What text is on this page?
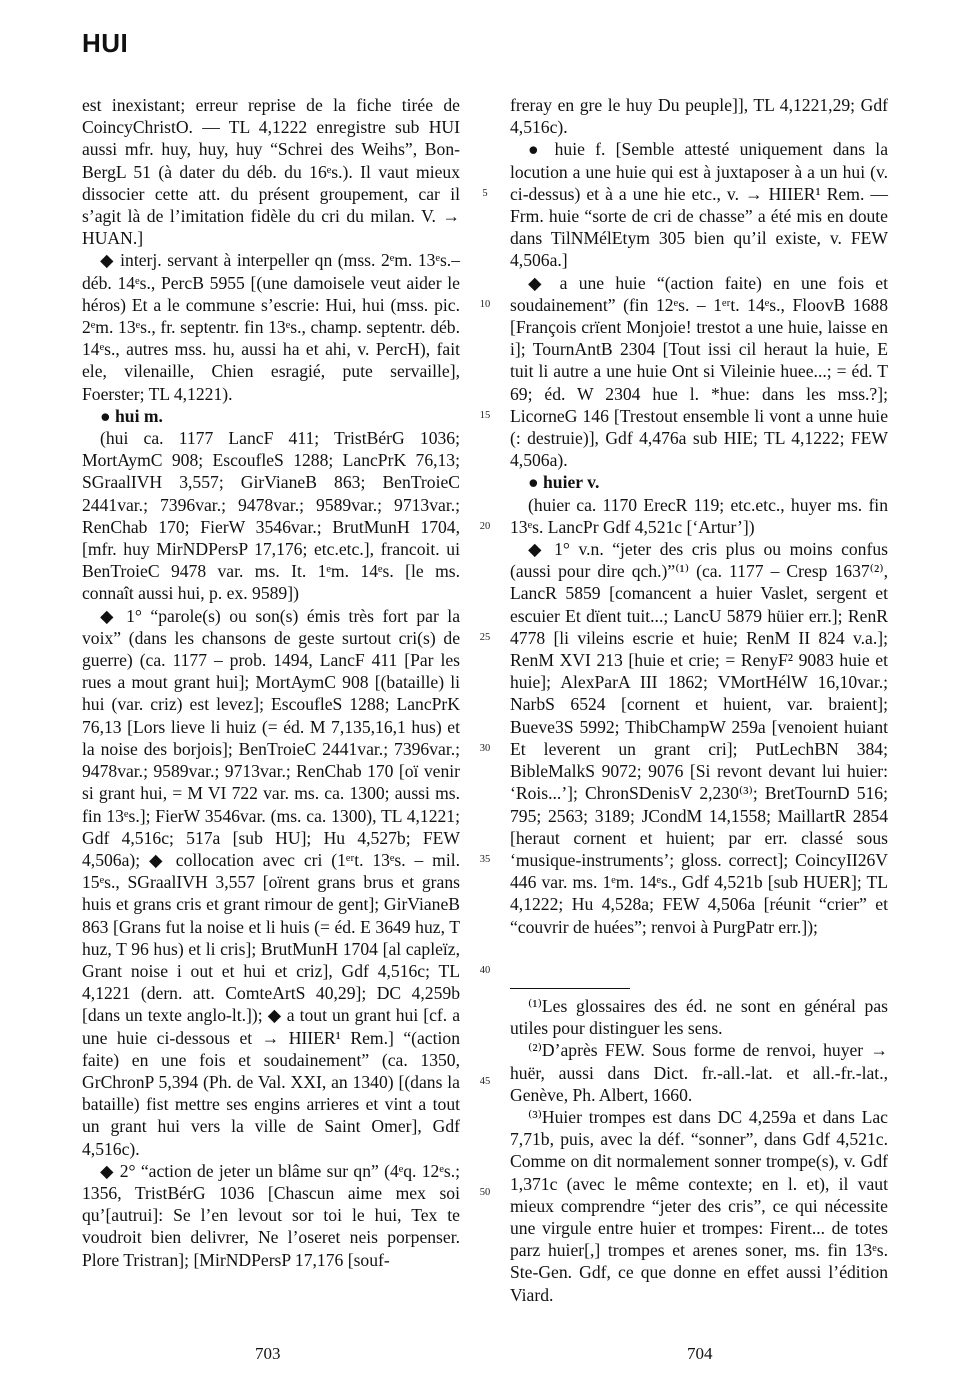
HUI

est inexistant; erreur reprise de la fiche tirée de CoincyChristO. — TL 4,1222 enregistre sub HUI aussi mfr. huy, huy, huy “Schrei des Weihs”, Bon-BergL 51 (à dater du déb. du 16ᵉs.). Il vaut mieux dissocier cette att. du présent groupement, car il s’agit là de l’imitation fidèle du cri du milan. V. → HUAN.]

◆ interj. servant à interpeller qn (mss. 2ᵉm. 13ᵉs.–déb. 14ᵉs., PercB 5955 [(une damoisele veut aider le héros) Et a le commune s’escrie: Hui, hui (mss. pic. 2ᵉm. 13ᵉs., fr. septentr. fin 13ᵉs., champ. septentr. déb. 14ᵉs., autres mss. hu, aussi ha et ahi, v. PercH), fait ele, vilenaille, Chien esragié, pute servaille], Foerster; TL 4,1221).

● hui m.

(hui ca. 1177 LancF 411; TristBérG 1036; MortAymC 908; EscoufleS 1288; LancPrK 76,13; SGraalIVH 3,557; GirVianeB 863; BenTroieC 2441var.; 7396var.; 9478var.; 9589var.; 9713var.; RenChab 170; FierW 3546var.; BrutMunH 1704, [mfr. huy MirNDPersP 17,176; etc.etc.], francoit. ui BenTroieC 9478 var. ms. It. 1ᵉm. 14ᵉs. [le ms. connaît aussi hui, p. ex. 9589])

◆ 1° “parole(s) ou son(s) émis très fort par la voix” (dans les chansons de geste surtout cri(s) de guerre) (ca. 1177 – prob. 1494, LancF 411 [Par les rues a mout grant hui]; MortAymC 908 [(bataille) li hui (var. criz) est levez]; EscoufleS 1288; LancPrK 76,13 [Lors lieve li huiz (= éd. M 7,135,16,1 hus) et la noise des borjois]; BenTroieC 2441var.; 7396var.; 9478var.; 9589var.; 9713var.; RenChab 170 [oï venir si grant hui, = M VI 722 var. ms. ca. 1300; aussi ms. fin 13ᵉs.]; FierW 3546var. (ms. ca. 1300), TL 4,1221; Gdf 4,516c; 517a [sub HU]; Hu 4,527b; FEW 4,506a); ◆ collocation avec cri (1ᵉʳt. 13ᵉs. – mil. 15ᵉs., SGraalIVH 3,557 [oïrent grans brus et grans huis et grans cris et grant rimour de gent]; GirVianeB 863 [Grans fut la noise et li huis (= éd. E 3649 huz, T huz, T 96 hus) et li cris]; BrutMunH 1704 [al capleïz, Grant noise i out et hui et criz], Gdf 4,516c; TL 4,1221 (dern. att. ComteArtS 40,29]; DC 4,259b [dans un texte anglo-lt.]); ◆ a tout un grant hui [cf. a une huie ci-dessous et → HIIER¹ Rem.] “(action faite) en une fois et soudainement” (ca. 1350, GrChronP 5,394 (Ph. de Val. XXI, an 1340) [(dans la bataille) fist mettre ses engins arrieres et vint a tout un grant hui vers la ville de Saint Omer], Gdf 4,516c).

◆ 2° “action de jeter un blâme sur qn” (4ᵉq. 12ᵉs.; 1356, TristBérG 1036 [Chascun aime mex soi qu’[autrui]: Se l’en levout sor toi le hui, Tex te voudroit bien delivrer, Ne l’oseret neis porpenser. Plore Tristran]; [MirNDPersP 17,176 [souf-

5
10
15
20
25
30
35
40
45
50

freray en gre le huy Du peuple]], TL 4,1221,29; Gdf 4,516c).

● huie f. [Semble attesté uniquement dans la locution a une huie qui est à juxtaposer à a un hui (v. ci-dessus) et à a une hie etc., v. → HIIER¹ Rem. — Frm. huie “sorte de cri de chasse” a été mis en doute dans TilNMélEtym 305 bien qu’il existe, v. FEW 4,506a.]

◆ a une huie “(action faite) en une fois et soudainement” (fin 12ᵉs. – 1ᵉʳt. 14ᵉs., FloovB 1688 [François crïent Monjoie! trestot a une huie, laisse en i]; TournAntB 2304 [Tout issi cil heraut la huie, E tuit li autre a une huie Ont si Vileinie huee...; = éd. T 69; éd. W 2304 hue l. *hue: dans les mss.?]; LicorneG 146 [Trestout ensemble li vont a unne huie (: destruie)], Gdf 4,476a sub HIE; TL 4,1222; FEW 4,506a).

● huier v.

(huier ca. 1170 ErecR 119; etc.etc., huyer ms. fin 13ᵉs. LancPr Gdf 4,521c [‘Artur’])

◆ 1° v.n. “jeter des cris plus ou moins confus (aussi pour dire qch.)”⁽¹⁾ (ca. 1177 – Cresp 1637⁽²⁾, LancR 5859 [comancent a huier Vaslet, sergent et escuier Et dïent tuit...; LancU 5879 hüier err.]; RenR 4778 [li vileins escrie et huie; RenM II 824 v.a.]; RenM XVI 213 [huie et crie; = RenyF² 9083 huie et huie]; AlexParA III 1862; VMortHélW 16,10var.; NarbS 6524 [cornent et huient, var. braient]; Bueve3S 5992; ThibChampW 259a [venoient huiant Et leverent un grant cri]; PutLechBN 384; BibleMalkS 9072; 9076 [Si revont devant lui huier: ‘Rois...’]; ChronSDenisV 2,230⁽³⁾; BretTournD 516; 795; 2563; 3189; JCondM 14,1558; MaillartR 2854 [heraut cornent et huient; par err. classé sous ‘musique-instruments’; gloss. correct]; CoincyII26V 446 var. ms. 1ᵉm. 14ᵉs., Gdf 4,521b [sub HUER]; TL 4,1222; Hu 4,528a; FEW 4,506a [réunit “crier” et “couvrir de huées”; renvoi à PurgPatr err.]);

⁽¹⁾Les glossaires des éd. ne sont en général pas utiles pour distinguer les sens.

⁽²⁾D’après FEW. Sous forme de renvoi, huyer → huër, aussi dans Dict. fr.-all.-lat. et all.-fr.-lat., Genève, Ph. Albert, 1660.

⁽³⁾Huier trompes est dans DC 4,259a et dans Lac 7,71b, puis, avec la déf. “sonner”, dans Gdf 4,521c. Comme on dit normalement sonner trompe(s), v. Gdf 1,371c (avec le même contexte; en l. et), il vaut mieux comprendre “jeter des cris”, ce qui nécessite une virgule entre huier et trompes: Firent... de totes parz huier[,] trompes et arenes soner, ms. fin 13ᵉs. Ste-Gen. Gdf, ce que donne en effet aussi l’édition Viard.

703	704
